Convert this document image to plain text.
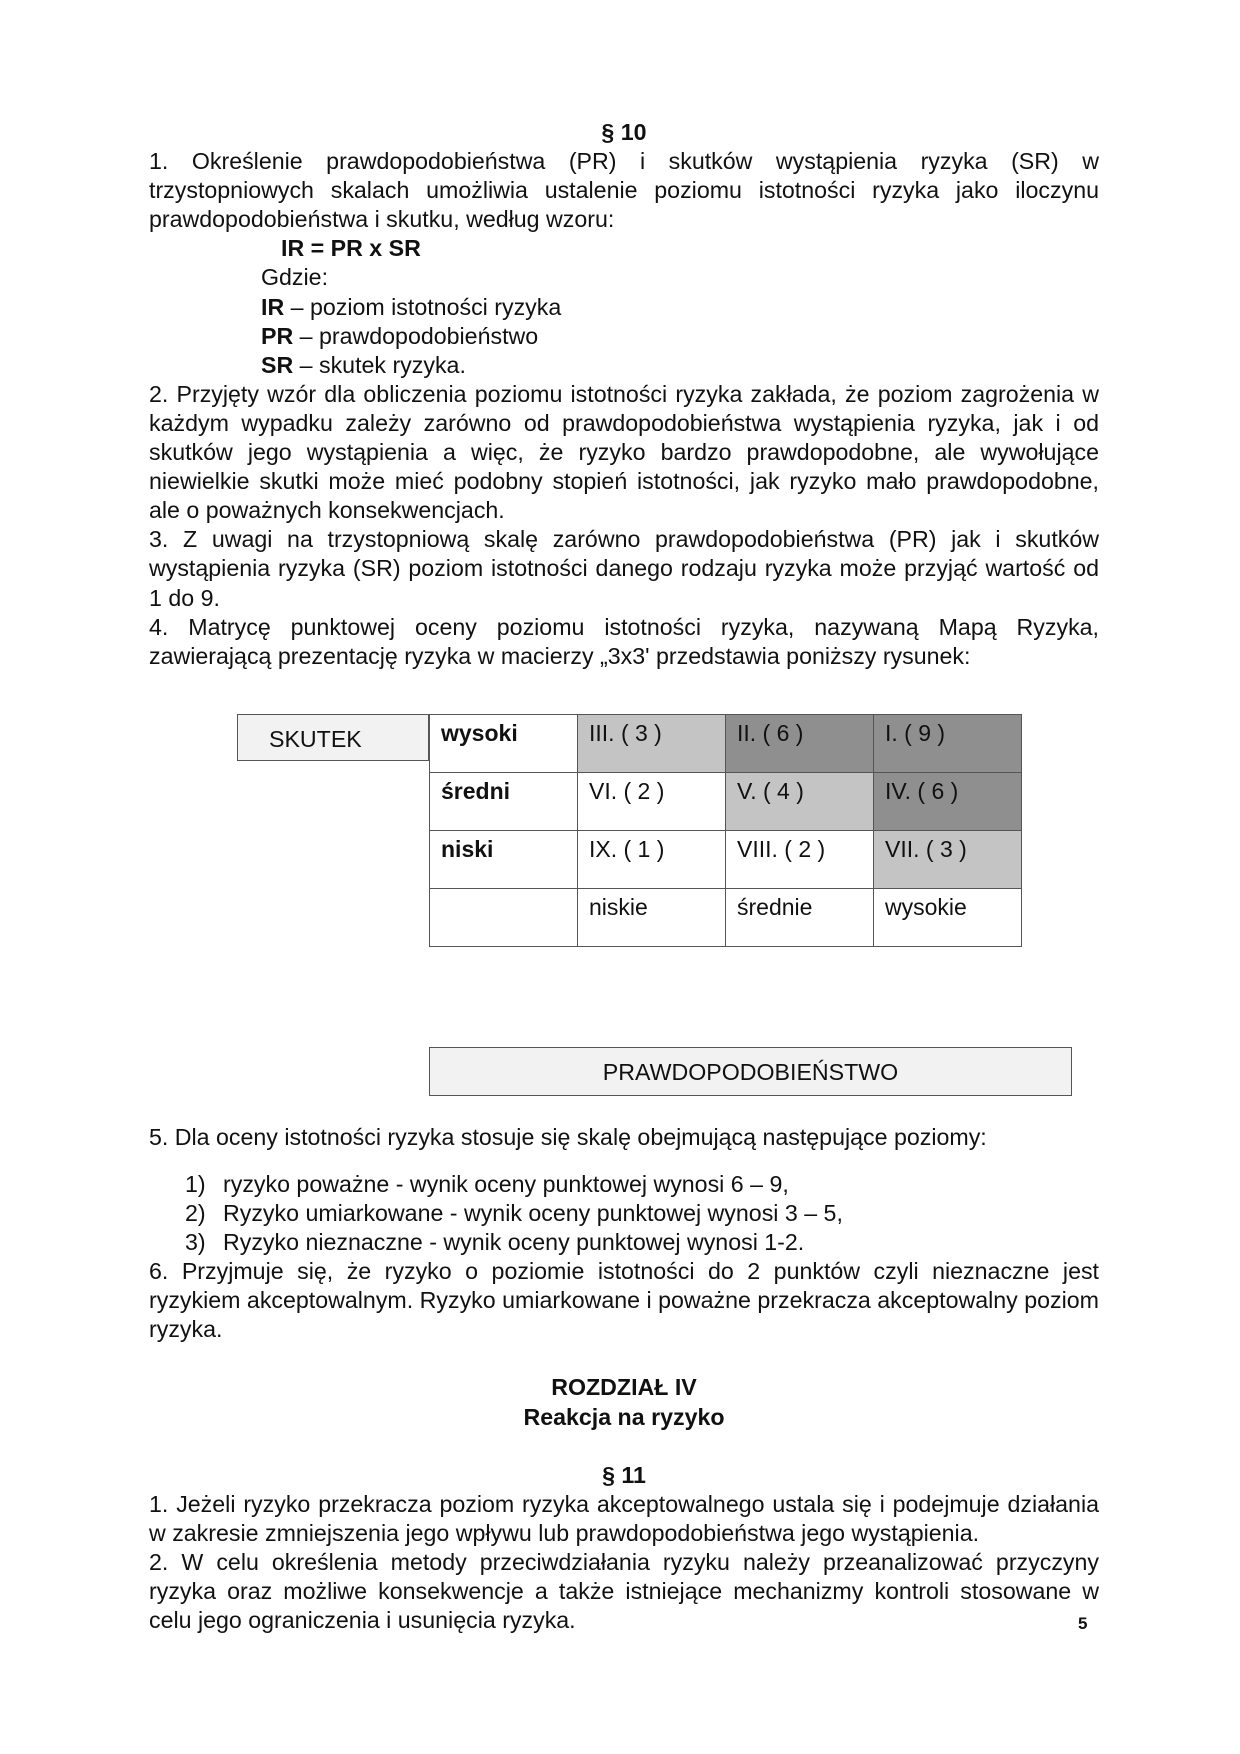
§ 10
1. Określenie prawdopodobieństwa (PR) i skutków wystąpienia ryzyka (SR) w trzystopniowych skalach umożliwia ustalenie poziomu istotności ryzyka jako iloczynu prawdopodobieństwa i skutku, według wzoru:
IR = PR x SR
Gdzie:
IR – poziom istotności ryzyka
PR – prawdopodobieństwo
SR – skutek ryzyka.
2. Przyjęty wzór dla obliczenia poziomu istotności ryzyka zakłada, że poziom zagrożenia w każdym wypadku zależy zarówno od prawdopodobieństwa wystąpienia ryzyka, jak i od skutków jego wystąpienia a więc, że ryzyko bardzo prawdopodobne, ale wywołujące niewielkie skutki może mieć podobny stopień istotności, jak ryzyko mało prawdopodobne, ale o poważnych konsekwencjach.
3. Z uwagi na trzystopniową skalę zarówno prawdopodobieństwa (PR) jak i skutków wystąpienia ryzyka (SR) poziom istotności danego rodzaju ryzyka może przyjąć wartość od 1 do 9.
4. Matrycę punktowej oceny poziomu istotności ryzyka, nazywaną Mapą Ryzyka, zawierającą prezentację ryzyka w macierzy „3x3' przedstawia poniższy rysunek:
SKUTEK	wysoki	III. ( 3 )	II. ( 6 )	I. ( 9 )
średni	VI. ( 2 )	V. ( 4 )	IV. ( 6 )
niski	IX. ( 1 )	VIII. ( 2 )	VII. ( 3 )
	niskie	średnie	wysokie
PRAWDOPODOBIEŃSTWO
5. Dla oceny istotności ryzyka stosuje się skalę obejmującą następujące poziomy:
1) ryzyko poważne - wynik oceny punktowej wynosi 6 – 9,
2) Ryzyko umiarkowane - wynik oceny punktowej wynosi 3 – 5,
3) Ryzyko nieznaczne - wynik oceny punktowej wynosi 1-2.
6. Przyjmuje się, że ryzyko o poziomie istotności do 2 punktów czyli nieznaczne jest ryzykiem akceptowalnym. Ryzyko umiarkowane i poważne przekracza akceptowalny poziom ryzyka.
ROZDZIAŁ IV
Reakcja na ryzyko
§ 11
1. Jeżeli ryzyko przekracza poziom ryzyka akceptowalnego ustala się i podejmuje działania w zakresie zmniejszenia jego wpływu lub prawdopodobieństwa jego wystąpienia.
2. W celu określenia metody przeciwdziałania ryzyku należy przeanalizować przyczyny ryzyka oraz możliwe konsekwencje a także istniejące mechanizmy kontroli stosowane w celu jego ograniczenia i usunięcia ryzyka.	5
